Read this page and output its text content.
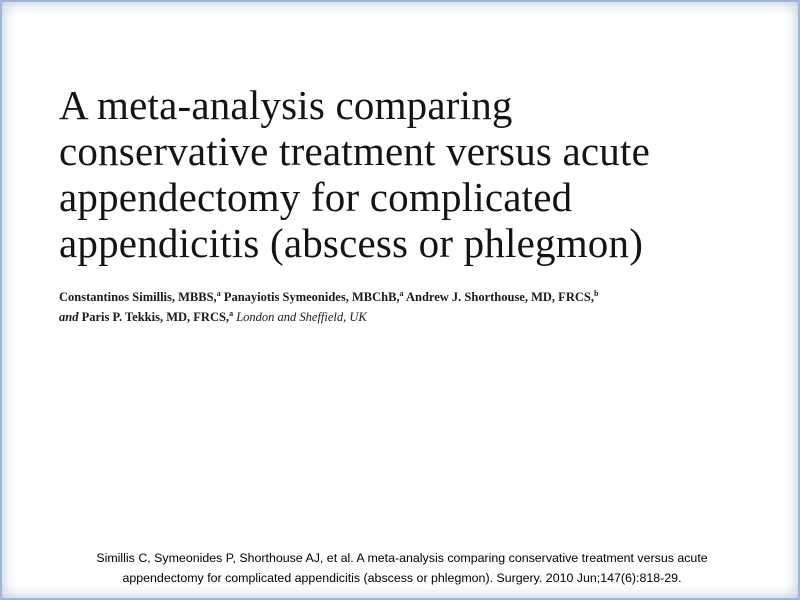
A meta-analysis comparing
conservative treatment versus acute
appendectomy for complicated
appendicitis (abscess or phlegmon)
Constantinos Simillis, MBBS,$^a$ Panayiotis Symeonides, MBChB,$^a$ Andrew J. Shorthouse, MD, FRCS,$^b$
and Paris P. Tekkis, MD, FRCS,$^a$ London and Sheffield, UK
Simillis C, Symeonides P, Shorthouse AJ, et al. A meta-analysis comparing conservative treatment versus acute
appendectomy for complicated appendicitis (abscess or phlegmon). Surgery. 2010 Jun;147(6):818-29.
